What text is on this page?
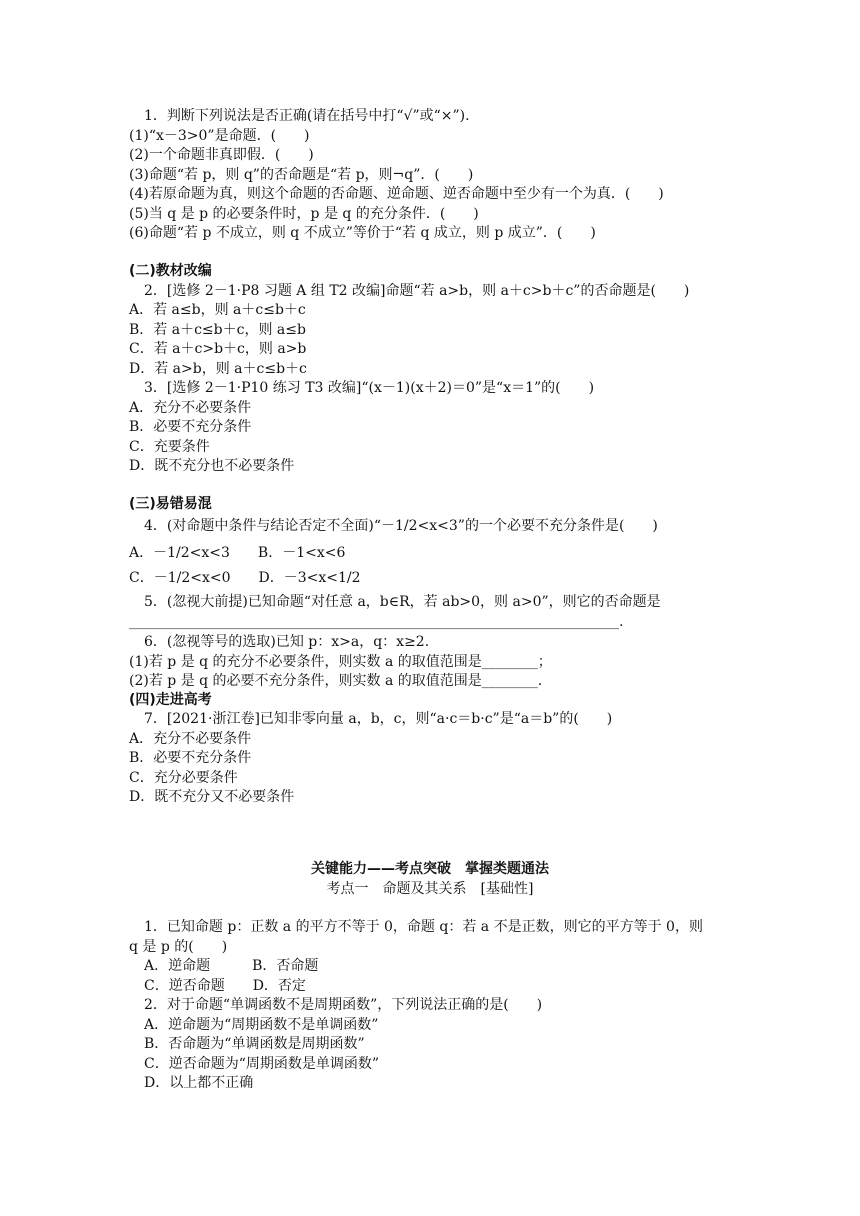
1．判断下列说法是否正确(请在括号中打“√”或“×”).
(1)“x－3>0”是命题．(　　)
(2)一个命题非真即假．(　　)
(3)命题“若 p，则 q”的否命题是“若 p，则¬q”．(　　)
(4)若原命题为真，则这个命题的否命题、逆命题、逆否命题中至少有一个为真．(　　)
(5)当 q 是 p 的必要条件时，p 是 q 的充分条件．(　　)
(6)命题“若 p 不成立，则 q 不成立”等价于“若 q 成立，则 p 成立”．(　　)
(二)教材改编
2．[选修 2－1·P8 习题 A 组 T2 改编]命题“若 a>b，则 a＋c>b＋c”的否命题是(　　)
A．若 a≤b，则 a＋c≤b＋c
B．若 a＋c≤b＋c，则 a≤b
C．若 a＋c>b＋c，则 a>b
D．若 a>b，则 a＋c≤b＋c
3．[选修 2－1·P10 练习 T3 改编]“(x－1)(x＋2)＝0”是“x＝1”的(　　)
A．充分不必要条件
B．必要不充分条件
C．充要条件
D．既不充分也不必要条件
(三)易错易混
4．(对命题中条件与结论否定不全面)“－1/2<x<3”的一个必要不充分条件是(　　)
A．－1/2<x<3　　B．－1<x<6
C．－1/2<x<0　　D．－3<x<1/2
5．(忽视大前提)已知命题“对任意 a，b∈R，若 ab>0，则 a>0”，则它的否命题是
______________________________________________________________________.
6．(忽视等号的选取)已知 p：x>a，q：x≥2.
(1)若 p 是 q 的充分不必要条件，则实数 a 的取值范围是________；
(2)若 p 是 q 的必要不充分条件，则实数 a 的取值范围是________.
(四)走进高考
7．[2021·浙江卷]已知非零向量 a，b，c，则“a·c＝b·c”是“a＝b”的(　　)
A．充分不必要条件
B．必要不充分条件
C．充分必要条件
D．既不充分又不必要条件
关键能力——考点突破　掌握类题通法
考点一　命题及其关系　[基础性]
1．已知命题 p：正数 a 的平方不等于 0，命题 q：若 a 不是正数，则它的平方等于 0，则
q 是 p 的(　　)
A．逆命题　　　B．否命题
C．逆否命题　　D．否定
2．对于命题“单调函数不是周期函数”，下列说法正确的是(　　)
A．逆命题为“周期函数不是单调函数”
B．否命题为“单调函数是周期函数”
C．逆否命题为“周期函数是单调函数”
D．以上都不正确
